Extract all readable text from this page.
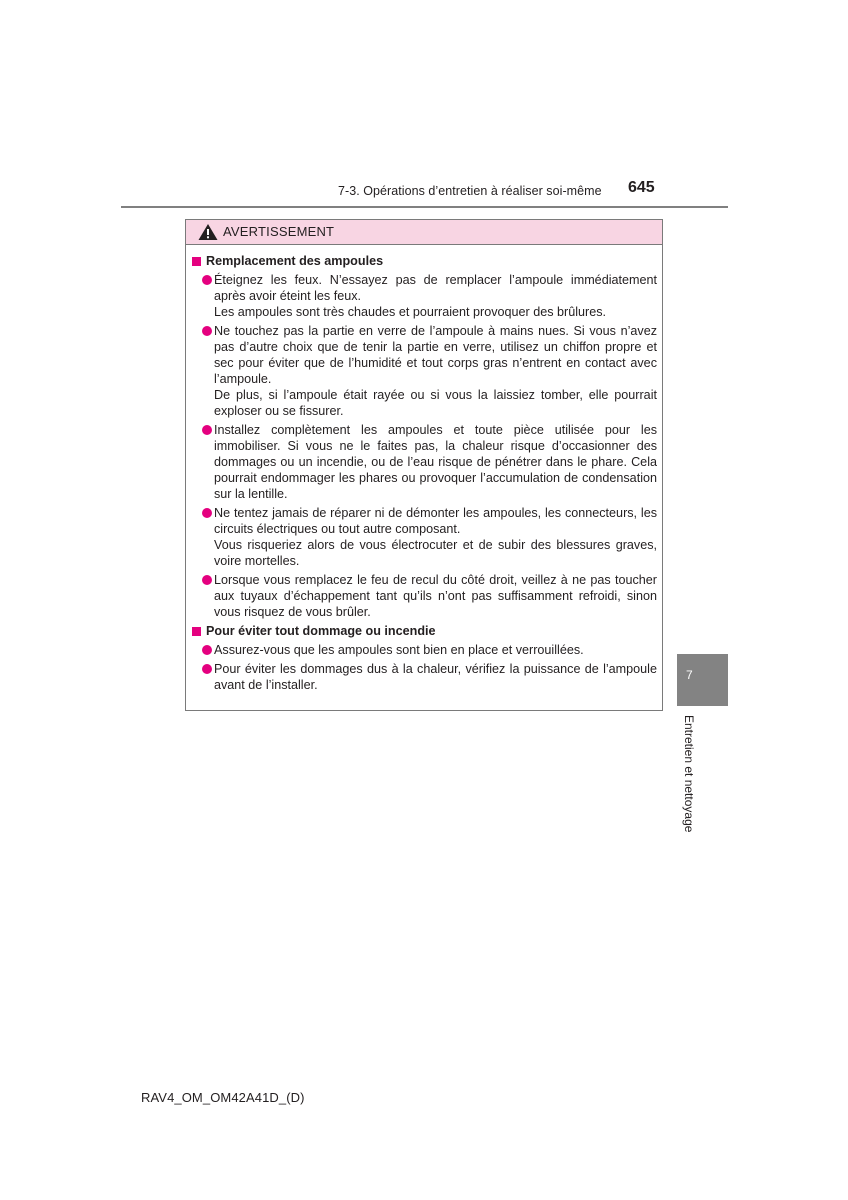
7-3. Opérations d’entretien à réaliser soi-même 645
AVERTISSEMENT
Remplacement des ampoules

Éteignez les feux. N’essayez pas de remplacer l’ampoule immédiatement après avoir éteint les feux.

Les ampoules sont très chaudes et pourraient provoquer des brûlures.

Ne touchez pas la partie en verre de l’ampoule à mains nues. Si vous n’avez pas d’autre choix que de tenir la partie en verre, utilisez un chiffon propre et sec pour éviter que de l’humidité et tout corps gras n’entrent en contact avec l’ampoule.

De plus, si l’ampoule était rayée ou si vous la laissiez tomber, elle pourrait exploser ou se fissurer.

Installez complètement les ampoules et toute pièce utilisée pour les immobiliser. Si vous ne le faites pas, la chaleur risque d’occasionner des dommages ou un incendie, ou de l’eau risque de pénétrer dans le phare. Cela pourrait endommager les phares ou provoquer l’accumulation de condensation sur la lentille.

Ne tentez jamais de réparer ni de démonter les ampoules, les connecteurs, les circuits électriques ou tout autre composant.

Vous risqueriez alors de vous électrocuter et de subir des blessures graves, voire mortelles.

Lorsque vous remplacez le feu de recul du côté droit, veillez à ne pas toucher aux tuyaux d’échappement tant qu’ils n’ont pas suffisamment refroidi, sinon vous risquez de vous brûler.

Pour éviter tout dommage ou incendie

Assurez-vous que les ampoules sont bien en place et verrouillées.

Pour éviter les dommages dus à la chaleur, vérifiez la puissance de l’ampoule avant de l’installer.

7
Entretien et nettoyage
RAV4_OM_OM42A41D_(D)
